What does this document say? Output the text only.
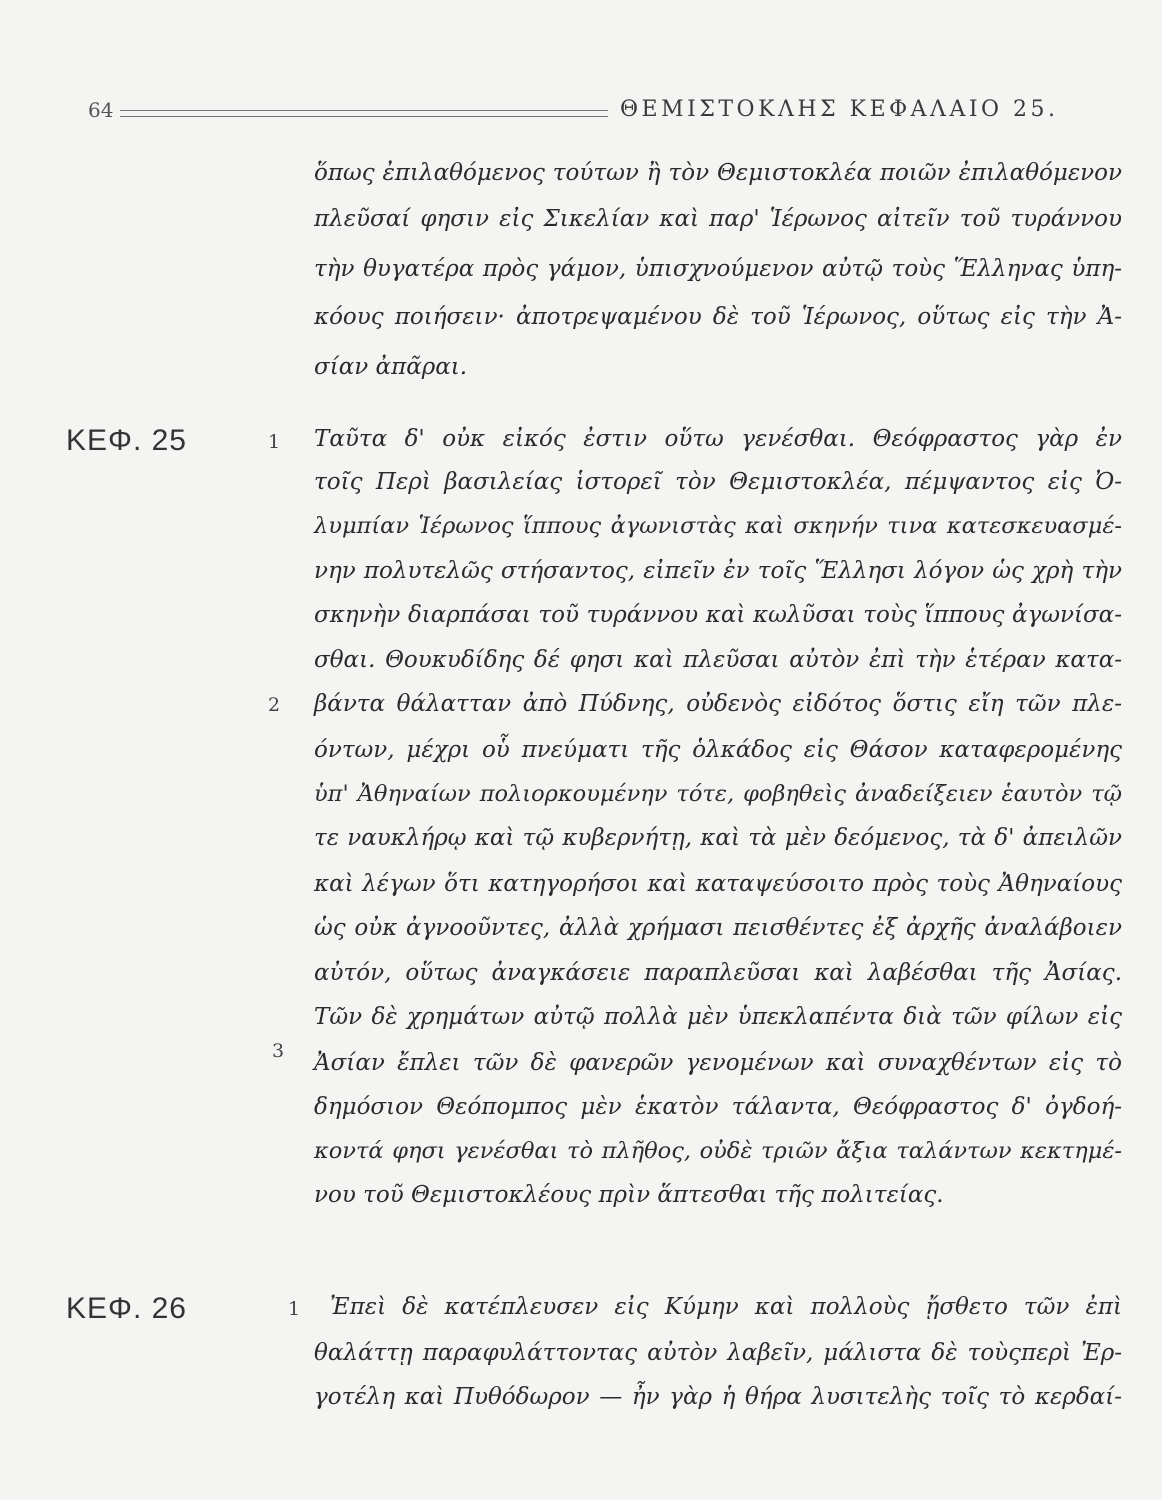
64	ΘΕΜΙΣΤΟΚΛΗΣ ΚΕΦΑΛΑΙΟ 25.
ὅπως ἐπιλαθόμενος τούτων ἢ τὸν Θεμιστοκλέα ποιῶν ἐπιλαθόμενον
πλεῦσαί φησιν εἰς Σικελίαν καὶ παρ' Ἱέρωνος αἰτεῖν τοῦ τυράννου
τὴν θυγατέρα πρὸς γάμον, ὑπισχνούμενον αὐτῷ τοὺς Ἕλληνας ὑπη-
κόους ποιήσειν· ἀποτρεψαμένου δὲ τοῦ Ἱέρωνος, οὕτως εἰς τὴν Ἀ-
σίαν ἀπᾶραι.
ΚΕΦ. 25	1
2
3
Ταῦτα δ' οὐκ εἰκός ἐστιν οὕτω γενέσθαι. Θεόφραστος γὰρ ἐν
τοῖς Περὶ βασιλείας ἱστορεῖ τὸν Θεμιστοκλέα, πέμψαντος εἰς Ὀ-
λυμπίαν Ἱέρωνος ἵππους ἀγωνιστὰς καὶ σκηνήν τινα κατεσκευασμέ-
νην πολυτελῶς στήσαντος, εἰπεῖν ἐν τοῖς Ἕλλησι λόγον ὡς χρὴ τὴν
σκηνὴν διαρπάσαι τοῦ τυράννου καὶ κωλῦσαι τοὺς ἵππους ἀγωνίσα-
σθαι. Θουκυδίδης δέ φησι καὶ πλεῦσαι αὐτὸν ἐπὶ τὴν ἑτέραν κατα-
βάντα θάλατταν ἀπὸ Πύδνης, οὐδενὸς εἰδότος ὅστις εἴη τῶν πλε-
όντων, μέχρι οὗ πνεύματι τῆς ὁλκάδος εἰς Θάσον καταφερομένης
ὑπ' Ἀθηναίων πολιορκουμένην τότε, φοβηθεὶς ἀναδείξειεν ἑαυτὸν τῷ
τε ναυκλήρῳ καὶ τῷ κυβερνήτῃ, καὶ τὰ μὲν δεόμενος, τὰ δ' ἀπειλῶν
καὶ λέγων ὅτι κατηγορήσοι καὶ καταψεύσοιτο πρὸς τοὺς Ἀθηναίους
ὡς οὐκ ἀγνοοῦντες, ἀλλὰ χρήμασι πεισθέντες ἐξ ἀρχῆς ἀναλάβοιεν
αὐτόν, οὕτως ἀναγκάσειε παραπλεῦσαι καὶ λαβέσθαι τῆς Ἀσίας.
Τῶν δὲ χρημάτων αὐτῷ πολλὰ μὲν ὑπεκλαπέντα διὰ τῶν φίλων εἰς
Ἀσίαν ἔπλει τῶν δὲ φανερῶν γενομένων καὶ συναχθέντων εἰς τὸ
δημόσιον Θεόπομπος μὲν ἑκατὸν τάλαντα, Θεόφραστος δ' ὀγδοή-
κοντά φησι γενέσθαι τὸ πλῆθος, οὐδὲ τριῶν ἄξια ταλάντων κεκτημέ-
νου τοῦ Θεμιστοκλέους πρὶν ἅπτεσθαι τῆς πολιτείας.
ΚΕΦ. 26	1 Ἐπεὶ δὲ κατέπλευσεν εἰς Κύμην καὶ πολλοὺς ᾔσθετο τῶν ἐπὶ
θαλάττῃ παραφυλάττοντας αὐτὸν λαβεῖν, μάλιστα δὲ τοὺςπερὶ Ἐρ-
γοτέλη καὶ Πυθόδωρον — ἦν γὰρ ἡ θήρα λυσιτελὴς τοῖς τὸ κερδαί-
